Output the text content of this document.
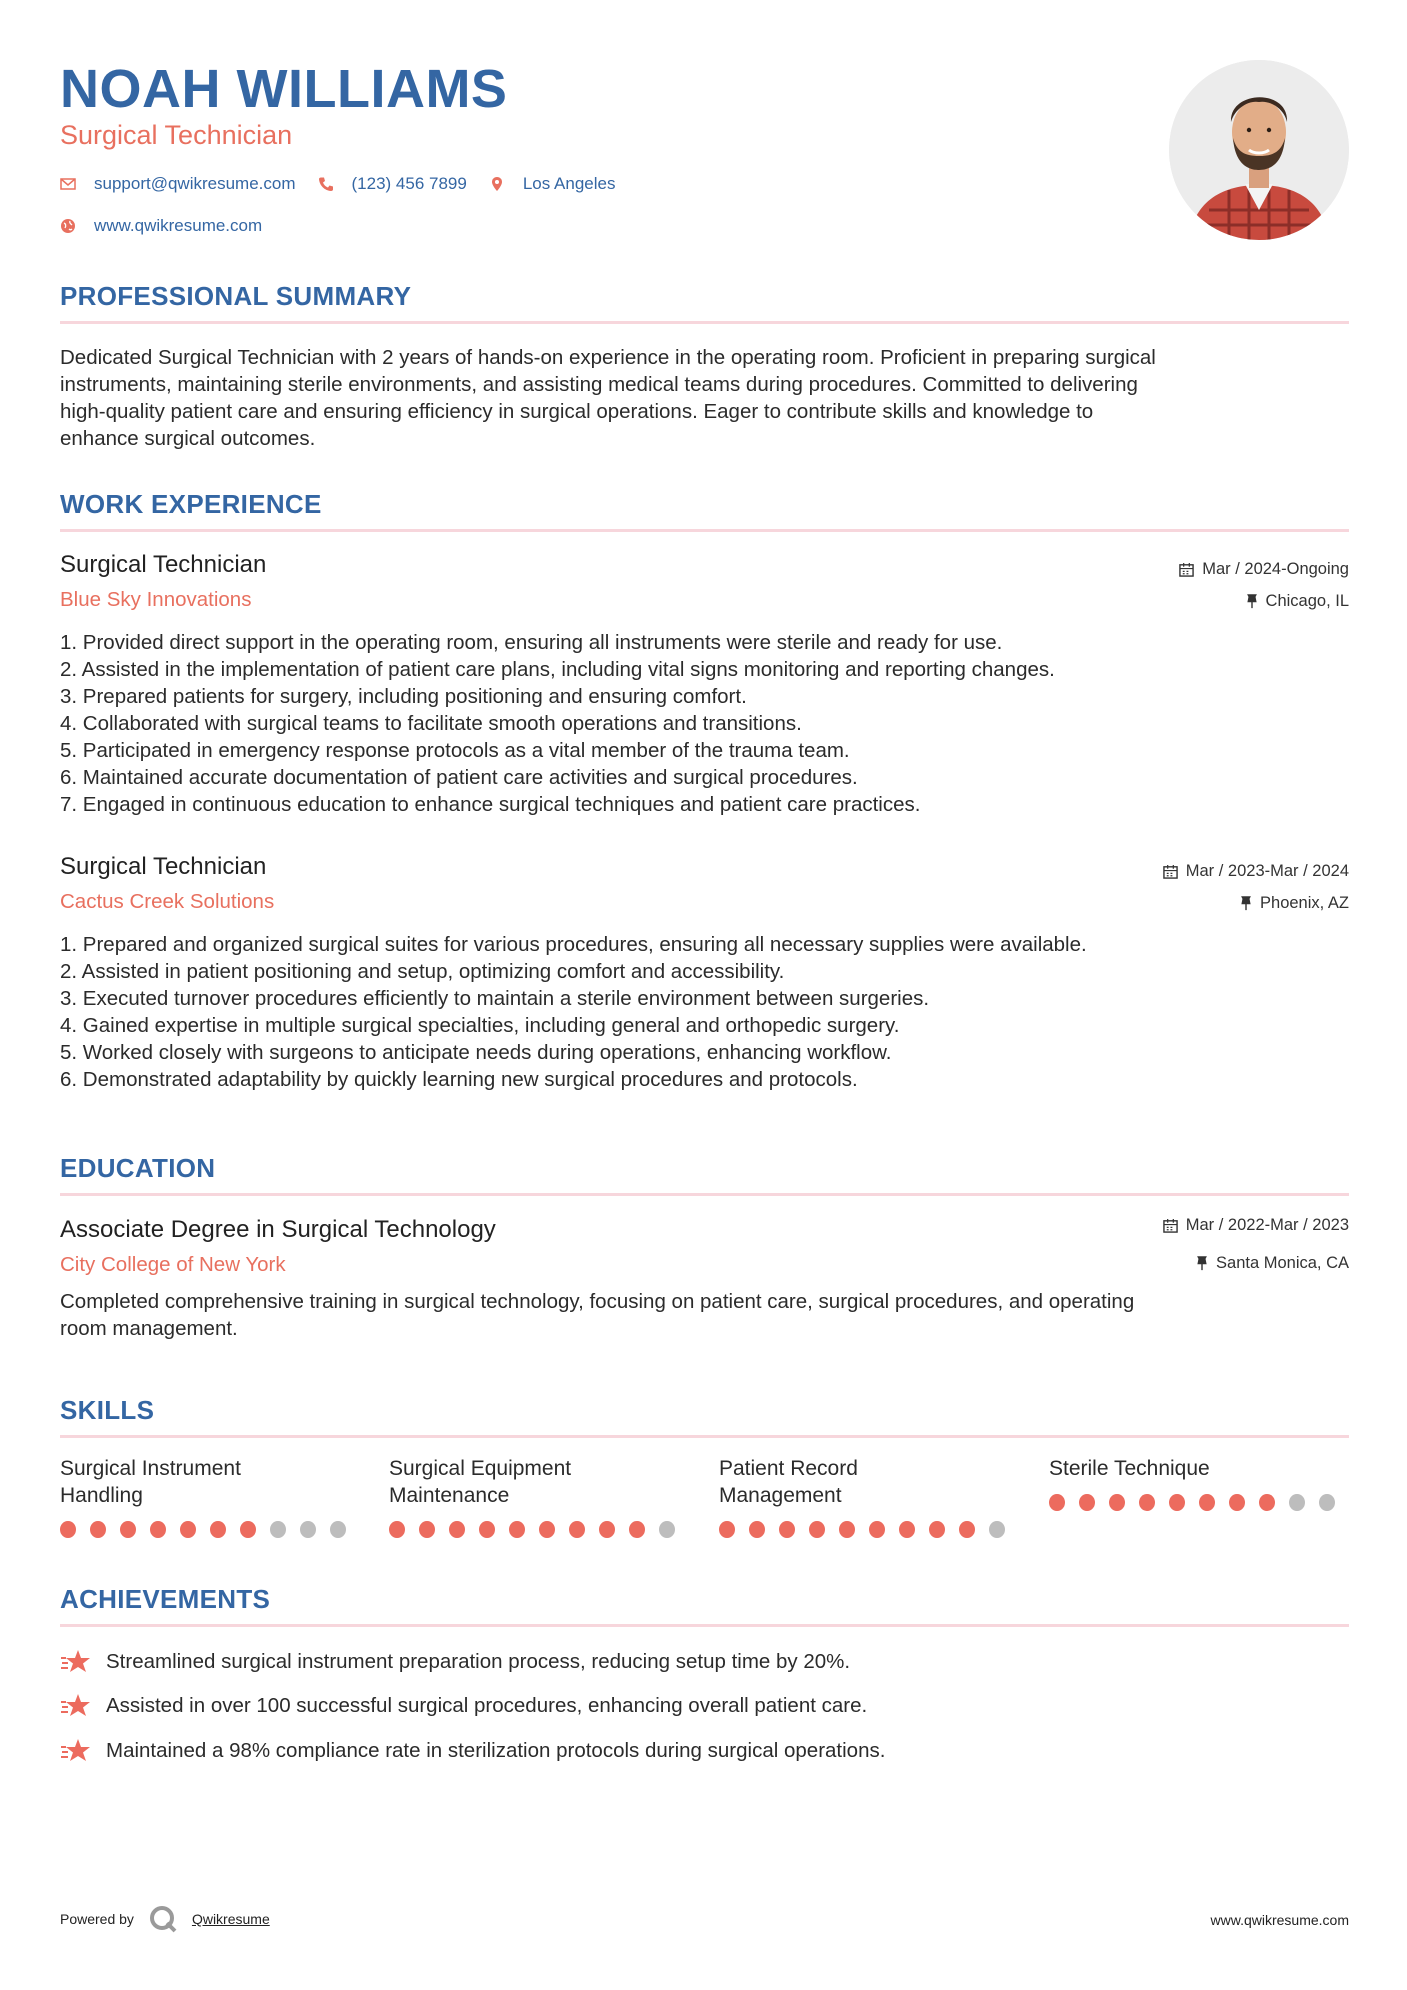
NOAH WILLIAMS
Surgical Technician
support@qwikresume.com	(123) 456 7899	Los Angeles
www.qwikresume.com
PROFESSIONAL SUMMARY
Dedicated Surgical Technician with 2 years of hands-on experience in the operating room. Proficient in preparing surgical
instruments, maintaining sterile environments, and assisting medical teams during procedures. Committed to delivering
high-quality patient care and ensuring efficiency in surgical operations. Eager to contribute skills and knowledge to
enhance surgical outcomes.
WORK EXPERIENCE
Surgical Technician
Blue Sky Innovations
Mar / 2024-Ongoing
Chicago, IL
1. Provided direct support in the operating room, ensuring all instruments were sterile and ready for use.
2. Assisted in the implementation of patient care plans, including vital signs monitoring and reporting changes.
3. Prepared patients for surgery, including positioning and ensuring comfort.
4. Collaborated with surgical teams to facilitate smooth operations and transitions.
5. Participated in emergency response protocols as a vital member of the trauma team.
6. Maintained accurate documentation of patient care activities and surgical procedures.
7. Engaged in continuous education to enhance surgical techniques and patient care practices.
Surgical Technician
Cactus Creek Solutions
Mar / 2023-Mar / 2024
Phoenix, AZ
1. Prepared and organized surgical suites for various procedures, ensuring all necessary supplies were available.
2. Assisted in patient positioning and setup, optimizing comfort and accessibility.
3. Executed turnover procedures efficiently to maintain a sterile environment between surgeries.
4. Gained expertise in multiple surgical specialties, including general and orthopedic surgery.
5. Worked closely with surgeons to anticipate needs during operations, enhancing workflow.
6. Demonstrated adaptability by quickly learning new surgical procedures and protocols.
EDUCATION
Associate Degree in Surgical Technology
City College of New York
Mar / 2022-Mar / 2023
Santa Monica, CA
Completed comprehensive training in surgical technology, focusing on patient care, surgical procedures, and operating
room management.
SKILLS
Surgical Instrument
Handling
Surgical Equipment
Maintenance
Patient Record
Management
Sterile Technique
ACHIEVEMENTS
Streamlined surgical instrument preparation process, reducing setup time by 20%.
Assisted in over 100 successful surgical procedures, enhancing overall patient care.
Maintained a 98% compliance rate in sterilization protocols during surgical operations.
Powered by	Qwikresume	www.qwikresume.com
